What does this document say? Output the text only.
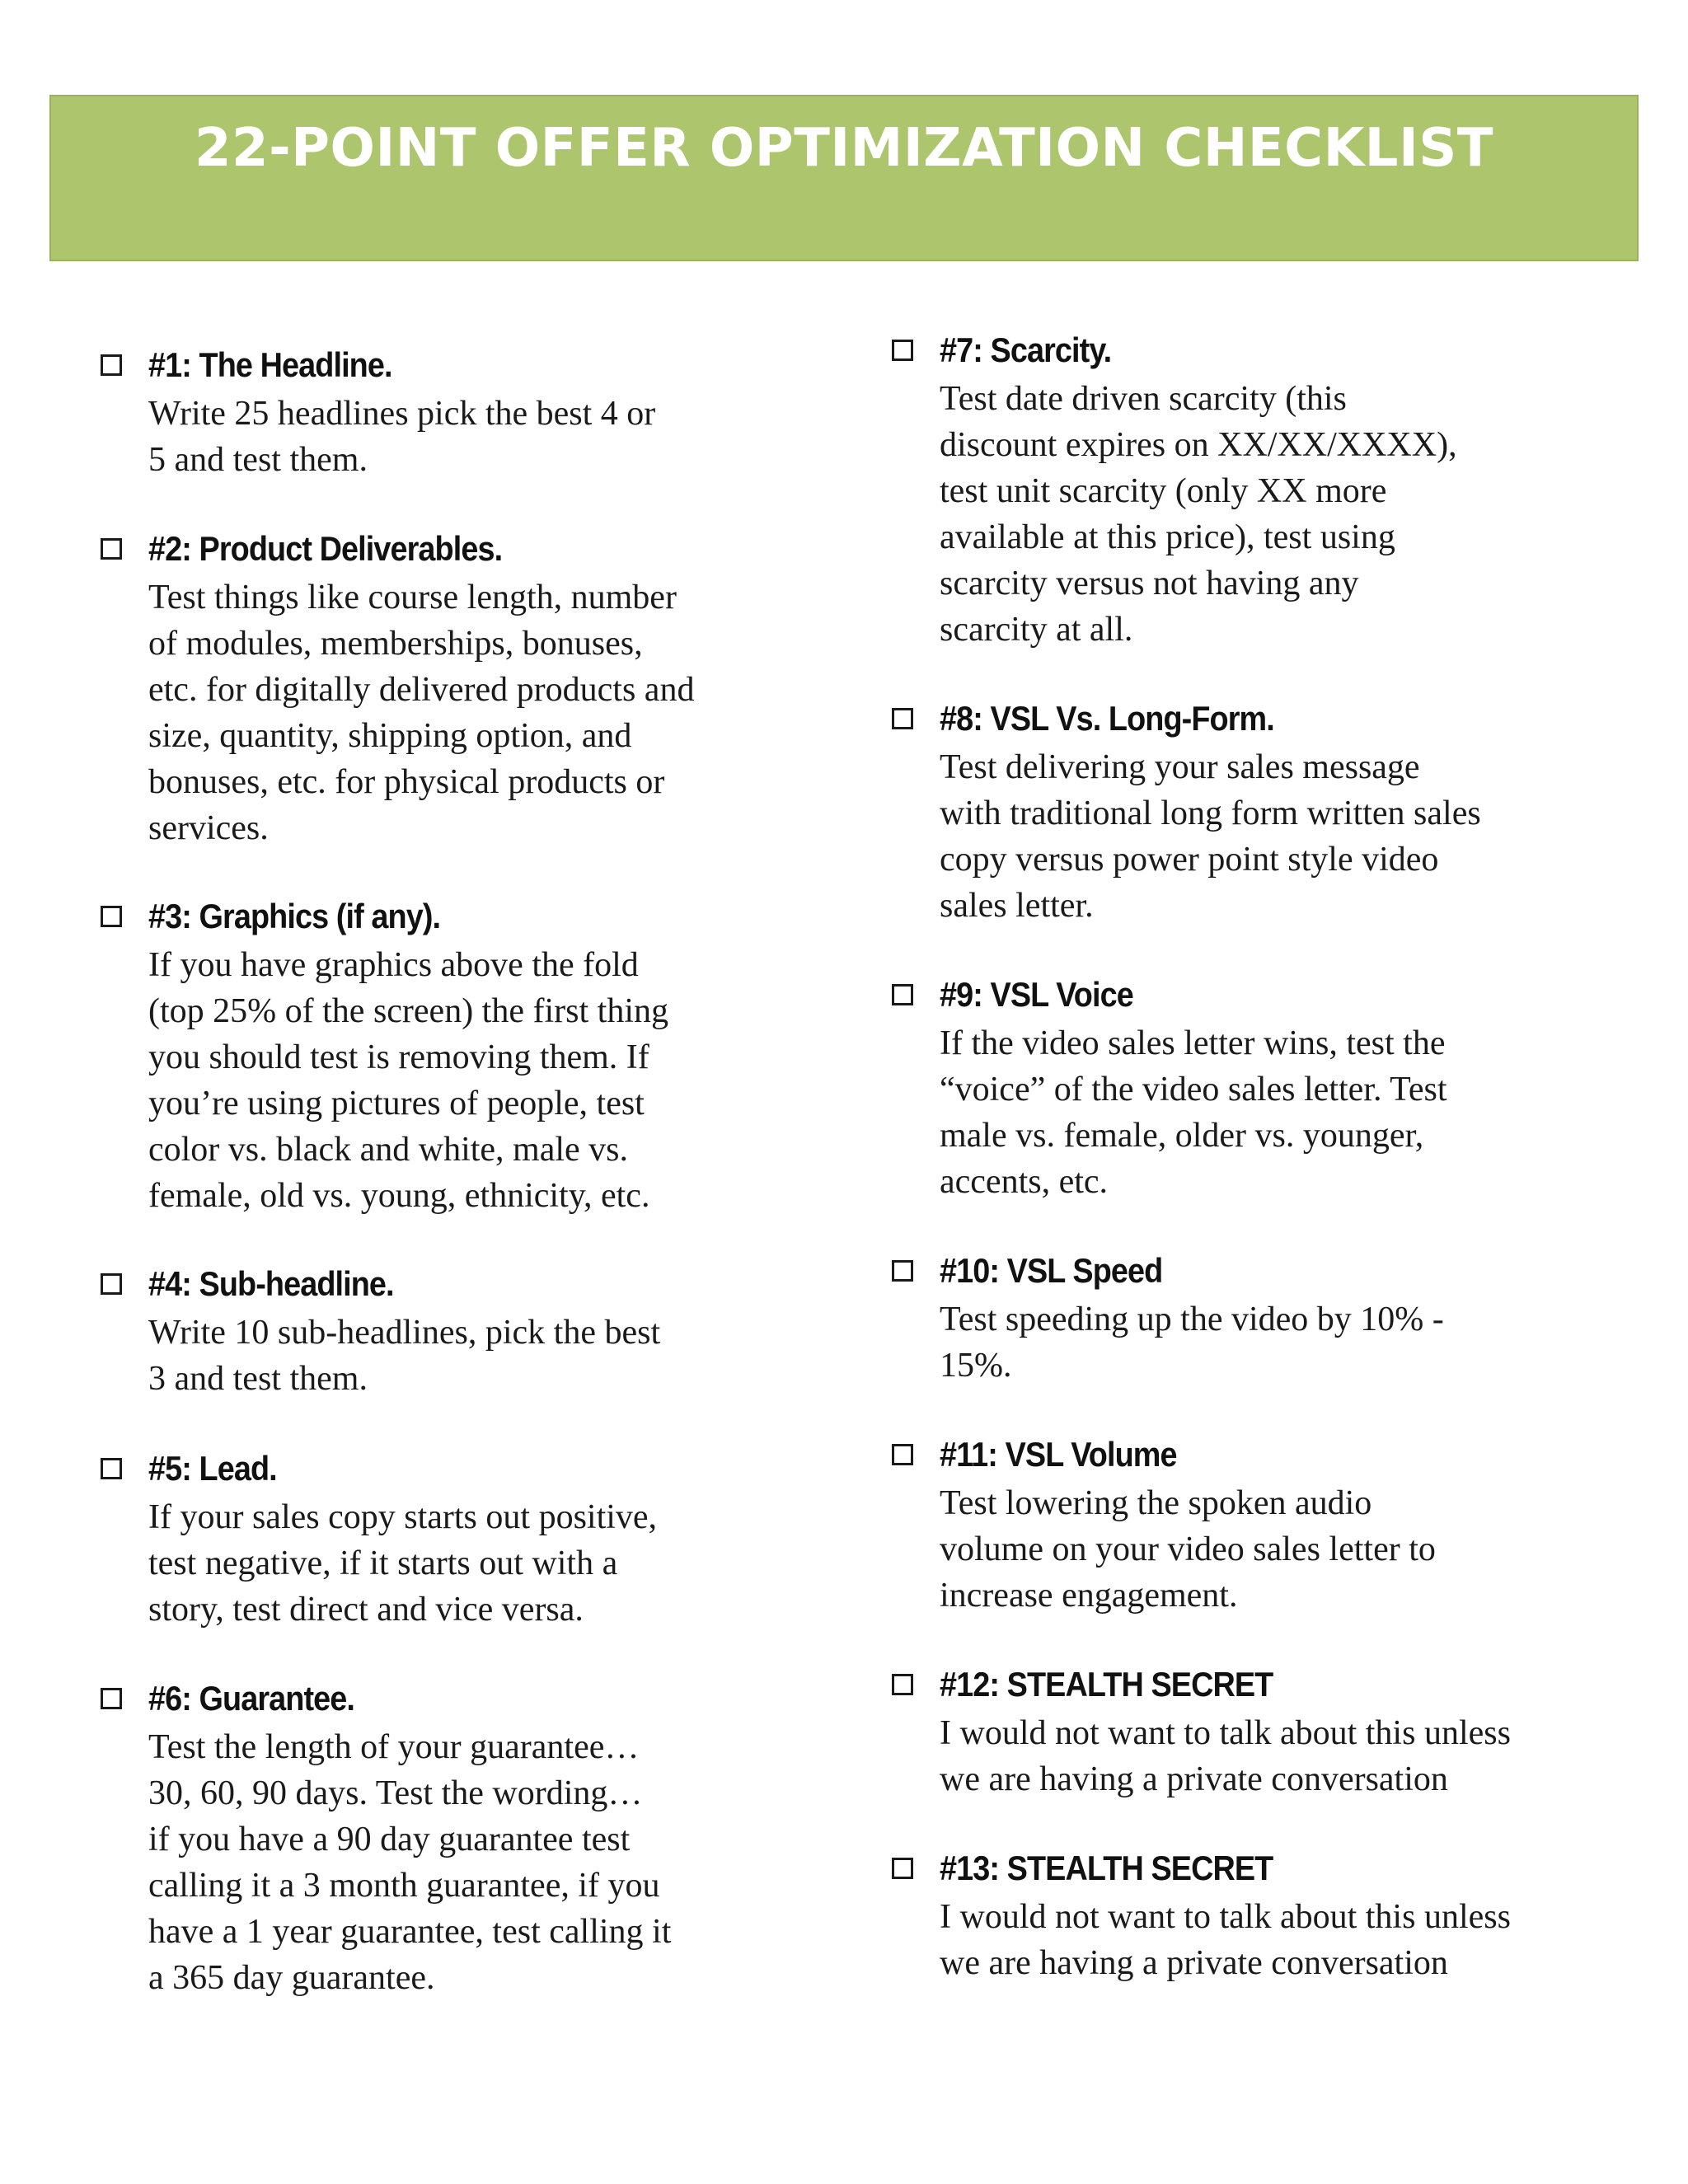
22-POINT OFFER OPTIMIZATION CHECKLIST
#1: The Headline.
Write 25 headlines pick the best 4 or
5 and test them.
#2: Product Deliverables.
Test things like course length, number
of modules, memberships, bonuses,
etc. for digitally delivered products and
size, quantity, shipping option, and
bonuses, etc. for physical products or
services.
#3: Graphics (if any).
If you have graphics above the fold
(top 25% of the screen) the first thing
you should test is removing them. If
you’re using pictures of people, test
color vs. black and white, male vs.
female, old vs. young, ethnicity, etc.
#4: Sub-headline.
Write 10 sub-headlines, pick the best
3 and test them.
#5: Lead.
If your sales copy starts out positive,
test negative, if it starts out with a
story, test direct and vice versa.
#6: Guarantee.
Test the length of your guarantee…
30, 60, 90 days. Test the wording…
if you have a 90 day guarantee test
calling it a 3 month guarantee, if you
have a 1 year guarantee, test calling it
a 365 day guarantee.
#7: Scarcity.
Test date driven scarcity (this
discount expires on XX/XX/XXXX),
test unit scarcity (only XX more
available at this price), test using
scarcity versus not having any
scarcity at all.
#8: VSL Vs. Long-Form.
Test delivering your sales message
with traditional long form written sales
copy versus power point style video
sales letter.
#9: VSL Voice
If the video sales letter wins, test the
“voice” of the video sales letter. Test
male vs. female, older vs. younger,
accents, etc.
#10: VSL Speed
Test speeding up the video by 10% -
15%.
#11: VSL Volume
Test lowering the spoken audio
volume on your video sales letter to
increase engagement.
#12: STEALTH SECRET
I would not want to talk about this unless
we are having a private conversation
#13: STEALTH SECRET
I would not want to talk about this unless
we are having a private conversation
